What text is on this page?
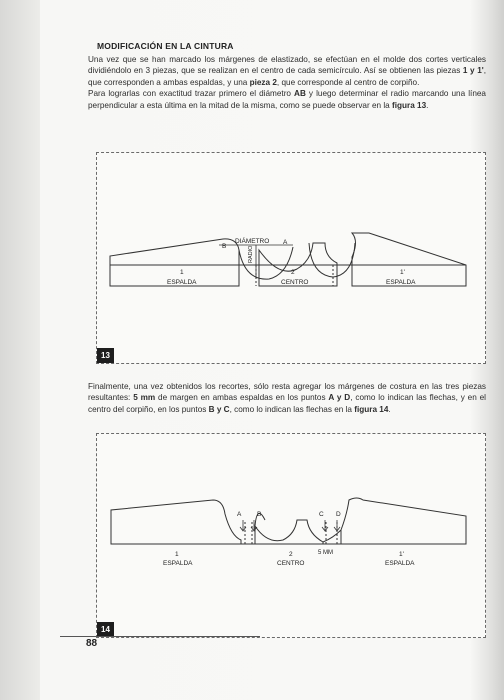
MODIFICACIÓN EN LA CINTURA
Una vez que se han marcado los márgenes de elastizado, se efectúan en el molde dos cortes verticales dividiéndolo en 3 piezas, que se realizan en el centro de cada semicírculo. Así se obtienen las piezas 1 y 1', que corresponden a ambas espaldas, y una pieza 2, que corresponde al centro de corpiño.
Para lograrlas con exactitud trazar primero el diámetro AB y luego determinar el radio marcando una línea perpendicular a esta última en la mitad de la misma, como se puede observar en la figura 13.
DIÁMETRO
B
A
RADIO
1
ESPALDA
2
CENTRO
1'
ESPALDA
13
Finalmente, una vez obtenidos los recortes, sólo resta agregar los márgenes de costura en las tres piezas resultantes: 5 mm de margen en ambas espaldas en los puntos A y D, como lo indican las flechas, y en el centro del corpiño, en los puntos B y C, como lo indican las flechas en la figura 14.
A B	C D
5 MM
1
ESPALDA
2
CENTRO
1'
ESPALDA
14
88
